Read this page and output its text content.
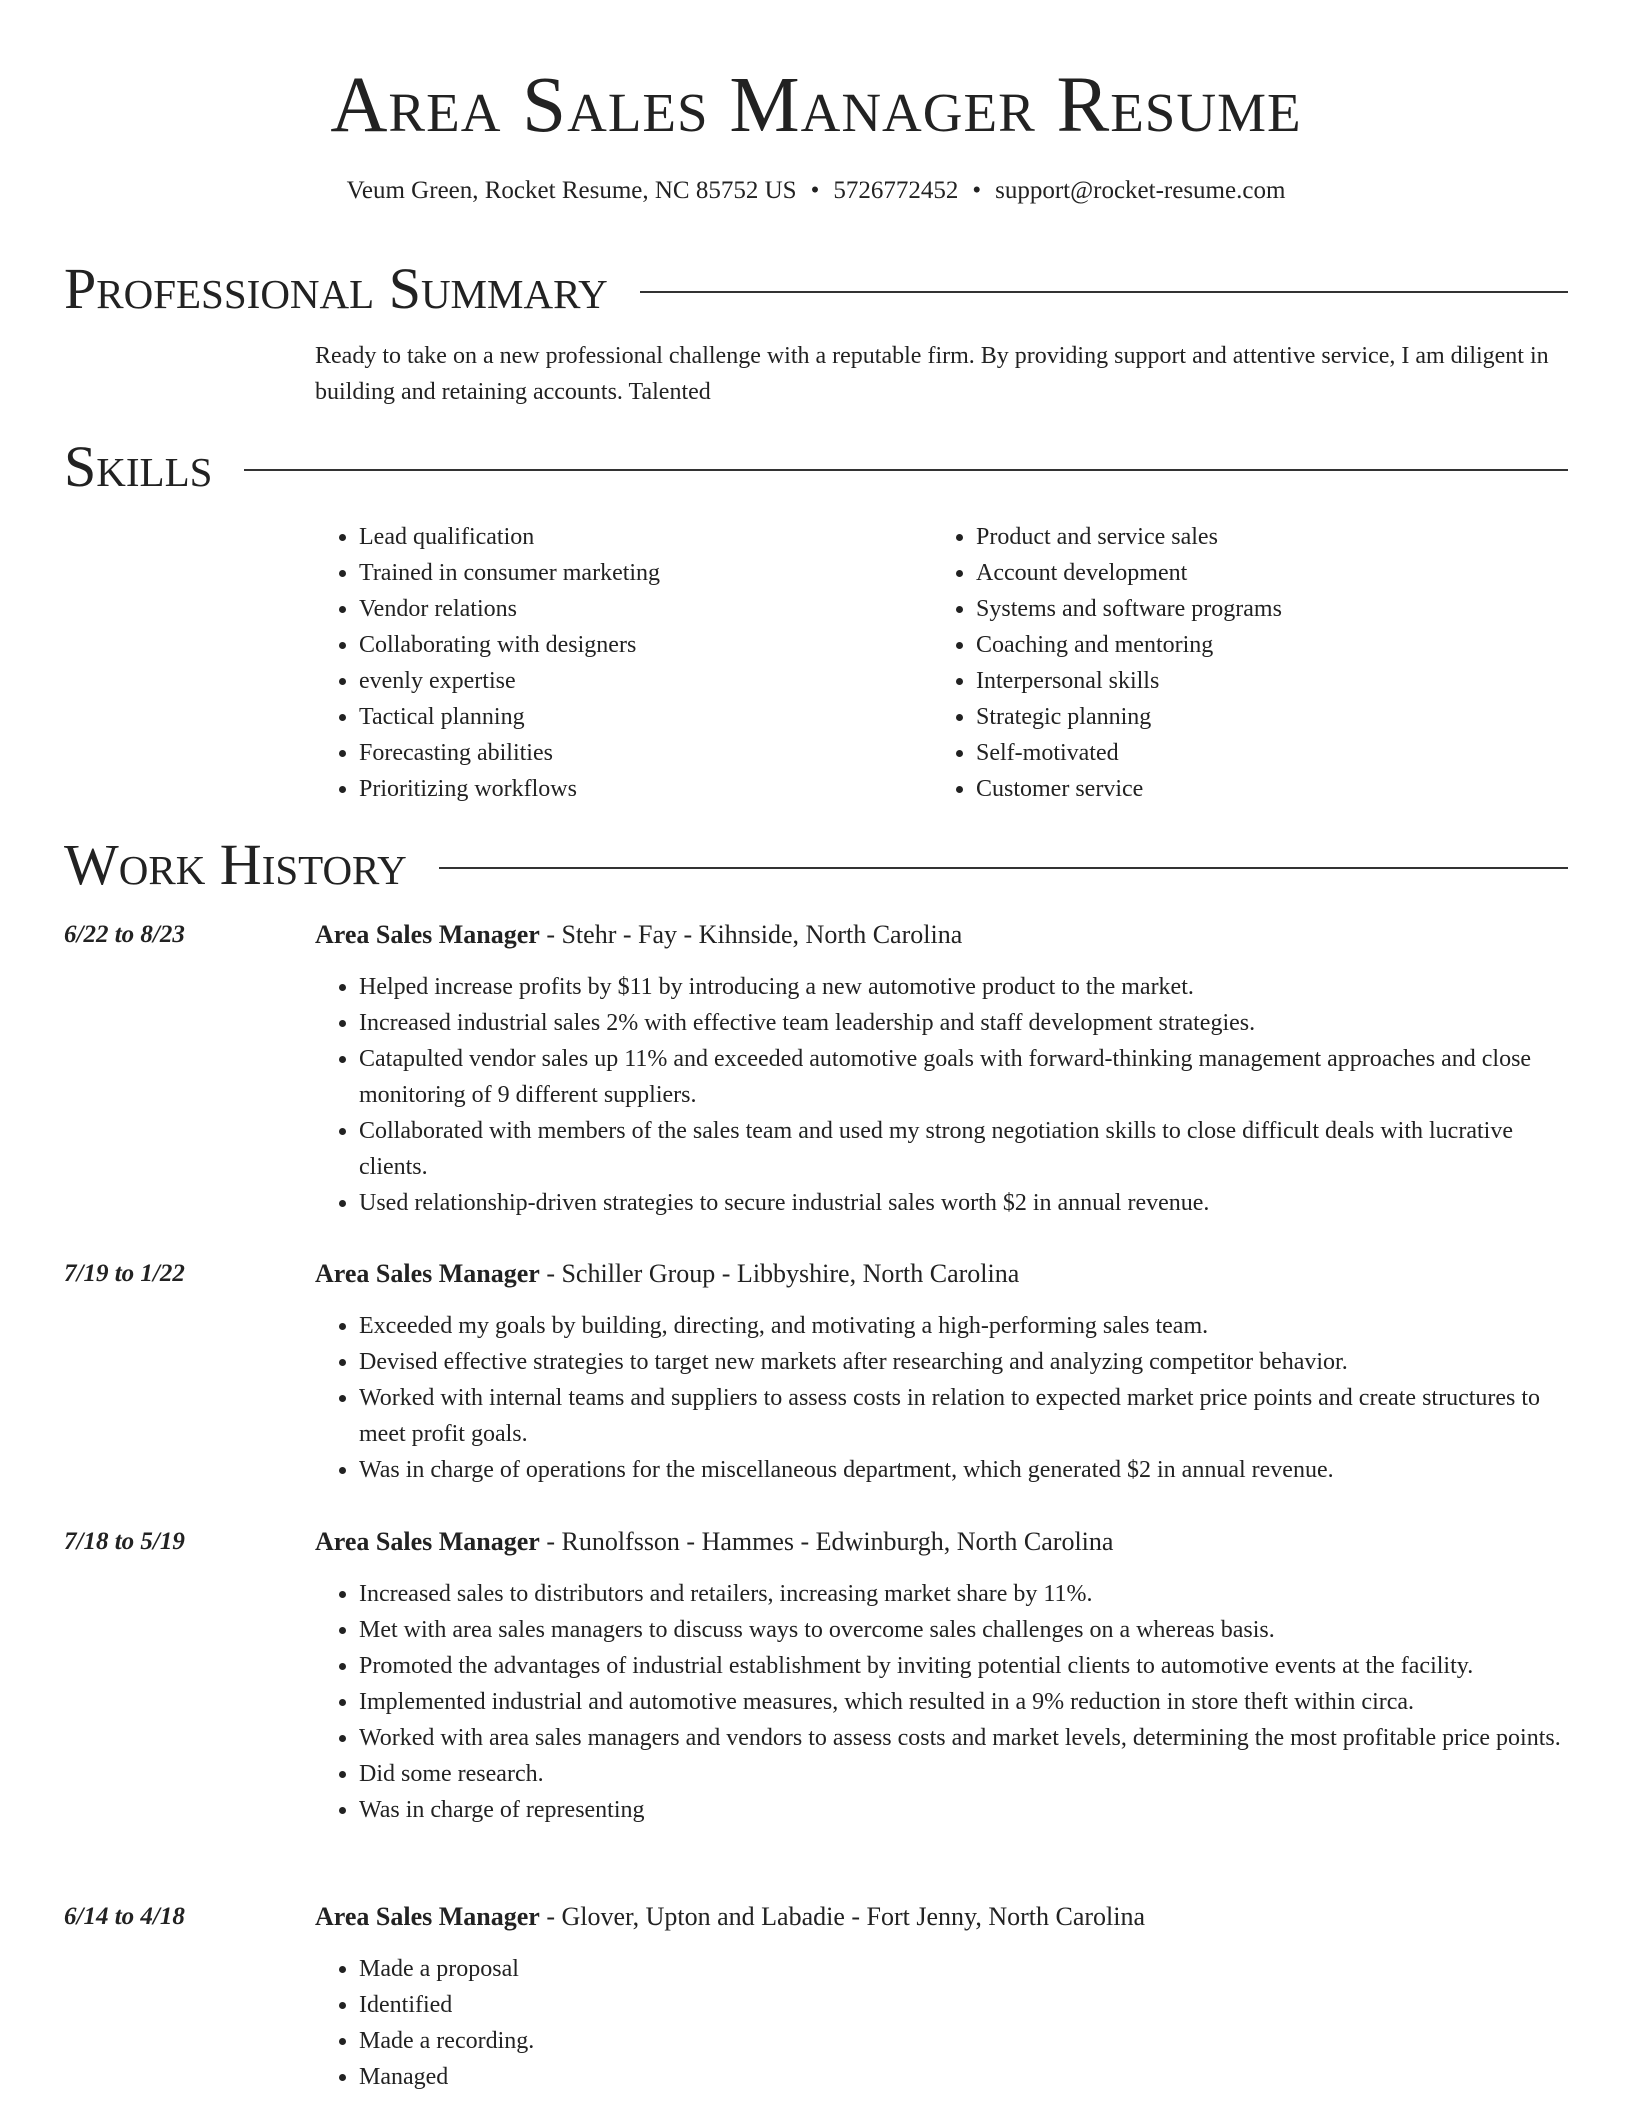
Area Sales Manager Resume
Veum Green, Rocket Resume, NC 85752 US • 5726772452 • support@rocket-resume.com
Professional Summary
Ready to take on a new professional challenge with a reputable firm. By providing support and attentive service, I am diligent in building and retaining accounts. Talented
Skills
• Lead qualification
• Trained in consumer marketing
• Vendor relations
• Collaborating with designers
• evenly expertise
• Tactical planning
• Forecasting abilities
• Prioritizing workflows
• Product and service sales
• Account development
• Systems and software programs
• Coaching and mentoring
• Interpersonal skills
• Strategic planning
• Self-motivated
• Customer service
Work History
6/22 to 8/23	Area Sales Manager - Stehr - Fay - Kihnside, North Carolina
• Helped increase profits by $11 by introducing a new automotive product to the market.
• Increased industrial sales 2% with effective team leadership and staff development strategies.
• Catapulted vendor sales up 11% and exceeded automotive goals with forward-thinking management approaches and close monitoring of 9 different suppliers.
• Collaborated with members of the sales team and used my strong negotiation skills to close difficult deals with lucrative clients.
• Used relationship-driven strategies to secure industrial sales worth $2 in annual revenue.
7/19 to 1/22	Area Sales Manager - Schiller Group - Libbyshire, North Carolina
• Exceeded my goals by building, directing, and motivating a high-performing sales team.
• Devised effective strategies to target new markets after researching and analyzing competitor behavior.
• Worked with internal teams and suppliers to assess costs in relation to expected market price points and create structures to meet profit goals.
• Was in charge of operations for the miscellaneous department, which generated $2 in annual revenue.
7/18 to 5/19	Area Sales Manager - Runolfsson - Hammes - Edwinburgh, North Carolina
• Increased sales to distributors and retailers, increasing market share by 11%.
• Met with area sales managers to discuss ways to overcome sales challenges on a whereas basis.
• Promoted the advantages of industrial establishment by inviting potential clients to automotive events at the facility.
• Implemented industrial and automotive measures, which resulted in a 9% reduction in store theft within circa.
• Worked with area sales managers and vendors to assess costs and market levels, determining the most profitable price points.
• Did some research.
• Was in charge of representing
6/14 to 4/18	Area Sales Manager - Glover, Upton and Labadie - Fort Jenny, North Carolina
• Made a proposal
• Identified
• Made a recording.
• Managed
